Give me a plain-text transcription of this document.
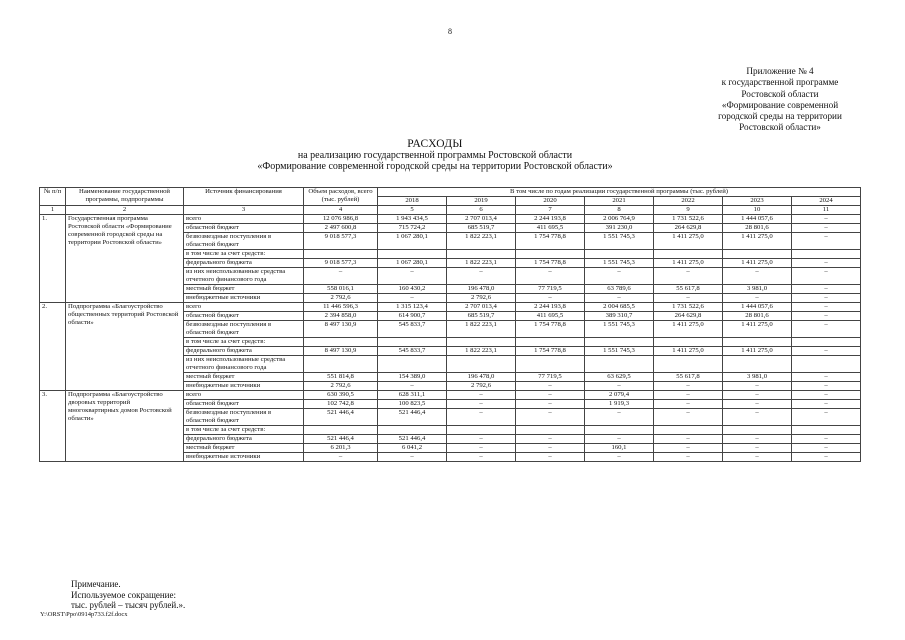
8
Приложение № 4
к государственной программе
Ростовской области
«Формирование современной
городской среды на территории
Ростовской области»
РАСХОДЫ
на реализацию государственной программы Ростовской области
«Формирование современной городской среды на территории Ростовской области»
№ п/п	Наименование государственной программы, подпрограммы	Источник финансирования	Объем расходов, всего (тыс. рублей)	В том числе по годам реализации государственной программы (тыс. рублей)						
				2018	2019	2020	2021	2022	2023	2024
1	2	3	4	5	6	7	8	9	10	11
1.	Государственная программа Ростовской области «Формирование современной городской среды на территории Ростовской области»	всего	12 076 986,8	1 943 434,5	2 707 013,4	2 244 193,8	2 006 764,9	1 731 522,6	1 444 057,6	–
		областной бюджет	2 497 600,8	715 724,2	685 519,7	411 695,5	391 230,0	264 629,8	28 801,6	–
		безвозмездные поступления в областной бюджет	9 018 577,3	1 067 280,1	1 822 223,1	1 754 778,8	1 551 745,3	1 411 275,0	1 411 275,0	–
		в том числе за счет средств:								
		федерального бюджета	9 018 577,3	1 067 280,1	1 822 223,1	1 754 778,8	1 551 745,3	1 411 275,0	1 411 275,0	–
		из них неиспользованные средства отчетного финансового года	–	–	–	–	–	–	–	–
		местный бюджет	558 016,1	160 430,2	196 478,0	77 719,5	63 789,6	55 617,8	3 981,0	–
		внебюджетные источники	2 792,6	–	2 792,6	–	–	–	–	–
2.	Подпрограмма «Благоустройство общественных территорий Ростовской области»	всего	11 446 596,3	1 315 123,4	2 707 013,4	2 244 193,8	2 004 685,5	1 731 522,6	1 444 057,6	–
		областной бюджет	2 394 858,0	614 900,7	685 519,7	411 695,5	389 310,7	264 629,8	28 801,6	–
		безвозмездные поступления в областной бюджет	8 497 130,9	545 833,7	1 822 223,1	1 754 778,8	1 551 745,3	1 411 275,0	1 411 275,0	–
		в том числе за счет средств:								
		федерального бюджета	8 497 130,9	545 833,7	1 822 223,1	1 754 778,8	1 551 745,3	1 411 275,0	1 411 275,0	–
		из них неиспользованные средства отчетного финансового года								
		местный бюджет	551 814,8	154 389,0	196 478,0	77 719,5	63 629,5	55 617,8	3 981,0	–
		внебюджетные источники	2 792,6	–	2 792,6	–	–	–	–	–
3.	Подпрограмма «Благоустройство дворовых территорий многоквартирных домов Ростовской области»	всего	630 390,5	628 311,1	–	–	2 079,4	–	–	–
		областной бюджет	102 742,8	100 823,5	–	–	1 919,3	–	–	–
		безвозмездные поступления в областной бюджет	521 446,4	521 446,4	–	–	–	–	–	–
		в том числе за счет средств:								
		федерального бюджета	521 446,4	521 446,4	–	–	–	–	–	–
		местный бюджет	6 201,3	6 041,2	–	–	160,1	–	–	–
		внебюджетные источники	–	–	–	–	–	–	–	–
Примечание.
Используемое сокращение:
тыс. рублей – тысяч рублей.».
Y:\ORST\Ppo\0914p733.f2f.docx
